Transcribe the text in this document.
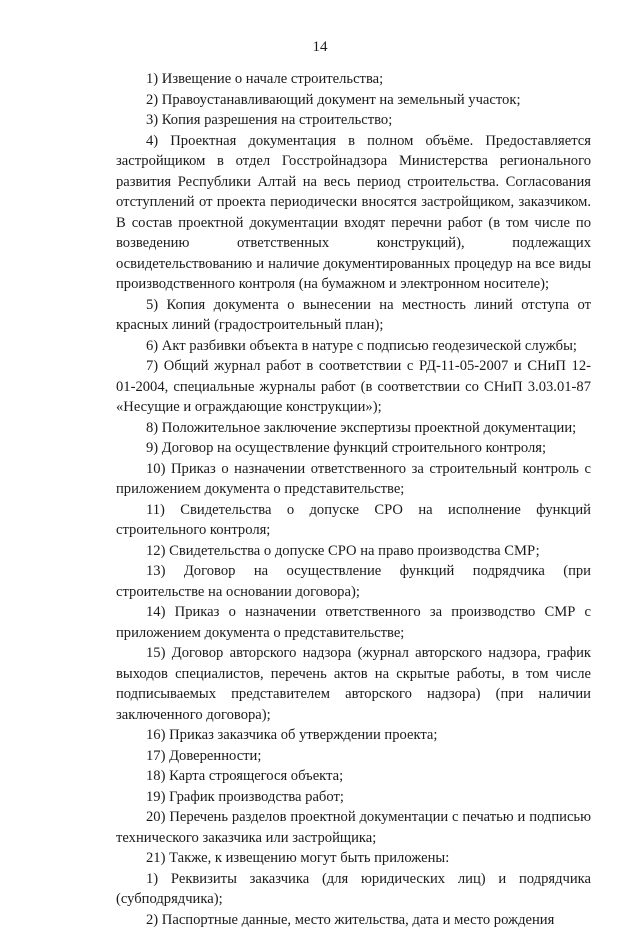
14

1) Извещение о начале строительства;

2) Правоустанавливающий документ на земельный участок;

3) Копия разрешения на строительство;

4) Проектная документация в полном объёме. Предоставляется застройщиком в отдел Госстройнадзора Министерства регионального развития Республики Алтай на весь период строительства. Согласования отступлений от проекта периодически вносятся застройщиком, заказчиком. В состав проектной документации входят перечни работ (в том числе по возведению ответственных конструкций), подлежащих освидетельствованию и наличие документированных процедур на все виды производственного контроля (на бумажном и электронном носителе);

5) Копия документа о вынесении на местность линий отступа от красных линий (градостроительный план);

6) Акт разбивки объекта в натуре с подписью геодезической службы;

7) Общий журнал работ в соответствии с РД-11-05-2007 и СНиП 12-01-2004, специальные журналы работ (в соответствии со СНиП 3.03.01-87 «Несущие и ограждающие конструкции»);

8) Положительное заключение экспертизы проектной документации;

9) Договор на осуществление функций строительного контроля;

10) Приказ о назначении ответственного за строительный контроль с приложением документа о представительстве;

11) Свидетельства о допуске СРО на исполнение функций строительного контроля;

12) Свидетельства о допуске СРО на право производства СМР;

13) Договор на осуществление функций подрядчика (при строительстве на основании договора);

14) Приказ о назначении ответственного за производство СМР с приложением документа о представительстве;

15) Договор авторского надзора (журнал авторского надзора, график выходов специалистов, перечень актов на скрытые работы, в том числе подписываемых представителем авторского надзора) (при наличии заключенного договора);

16) Приказ заказчика об утверждении проекта;

17) Доверенности;

18) Карта строящегося объекта;

19) График производства работ;

20) Перечень разделов проектной документации с печатью и подписью технического заказчика или застройщика;

21) Также, к извещению могут быть приложены:

1) Реквизиты заказчика (для юридических лиц) и подрядчика (субподрядчика);

2) Паспортные данные, место жительства, дата и место рождения
